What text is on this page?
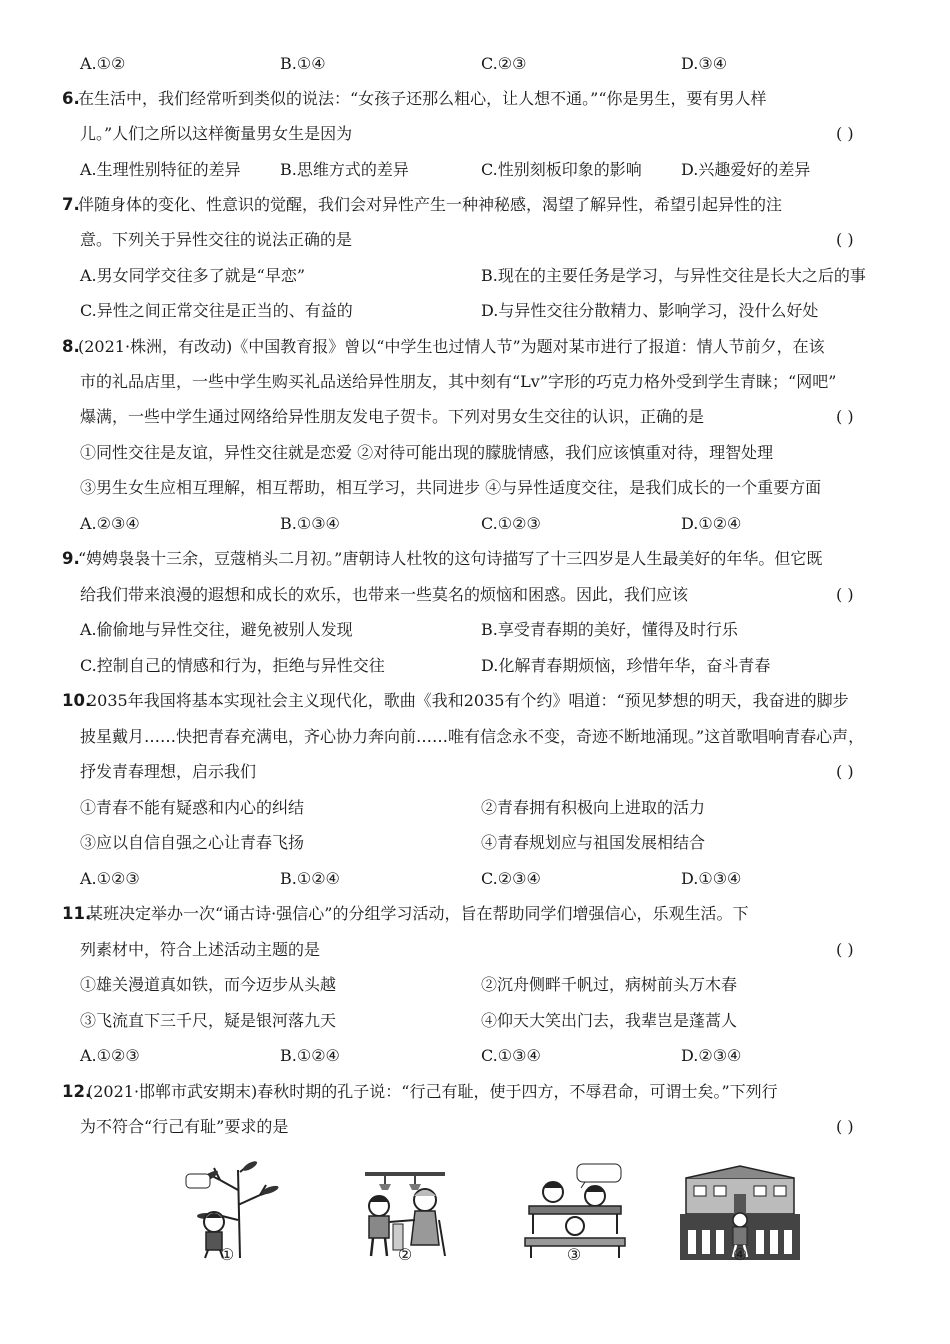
A.①②	B.①④	C.②③	D.③④
6.
在生活中，我们经常听到类似的说法：“女孩子还那么粗心，让人想不通。”“你是男生，要有男人样
儿。”人们之所以这样衡量男女生是因为	( )
A.生理性别特征的差异 B.思维方式的差异	C.性别刻板印象的影响 D.兴趣爱好的差异
7.
伴随身体的变化、性意识的觉醒，我们会对异性产生一种神秘感，渴望了解异性，希望引起异性的注
意。下列关于异性交往的说法正确的是	( )
A.男女同学交往多了就是“早恋”	B.现在的主要任务是学习，与异性交往是长大之后的事
C.异性之间正常交往是正当的、有益的	D.与异性交往分散精力、影响学习，没什么好处
8.
(2021·株洲，有改动)《中国教育报》曾以“中学生也过情人节”为题对某市进行了报道：情人节前夕，在该
市的礼品店里，一些中学生购买礼品送给异性朋友，其中刻有“Lv”字形的巧克力格外受到学生青睐；“网吧”
爆满，一些中学生通过网络给异性朋友发电子贺卡。下列对男女生交往的认识，正确的是	( )
①同性交往是友谊，异性交往就是恋爱 ②对待可能出现的朦胧情感，我们应该慎重对待，理智处理
③男生女生应相互理解，相互帮助，相互学习，共同进步 ④与异性适度交往，是我们成长的一个重要方面
A.②③④	B.①③④	C.①②③	D.①②④
9.
“娉娉袅袅十三余，豆蔻梢头二月初。”唐朝诗人杜牧的这句诗描写了十三四岁是人生最美好的年华。但它既
给我们带来浪漫的遐想和成长的欢乐，也带来一些莫名的烦恼和困惑。因此，我们应该	( )
A.偷偷地与异性交往，避免被别人发现	B.享受青春期的美好，懂得及时行乐
C.控制自己的情感和行为，拒绝与异性交往	D.化解青春期烦恼，珍惜年华，奋斗青春
10.
2035年我国将基本实现社会主义现代化，歌曲《我和2035有个约》唱道：“预见梦想的明天，我奋进的脚步
披星戴月……快把青春充满电，齐心协力奔向前……唯有信念永不变，奇迹不断地涌现。”这首歌唱响青春心声，
抒发青春理想，启示我们	( )
①青春不能有疑惑和内心的纠结	②青春拥有积极向上进取的活力
③应以自信自强之心让青春飞扬	④青春规划应与祖国发展相结合
A.①②③	B.①②④	C.②③④	D.①③④
11.
某班决定举办一次“诵古诗·强信心”的分组学习活动，旨在帮助同学们增强信心，乐观生活。下
列素材中，符合上述活动主题的是	( )
①雄关漫道真如铁，而今迈步从头越	②沉舟侧畔千帆过，病树前头万木春
③飞流直下三千尺，疑是银河落九天	④仰天大笑出门去，我辈岂是蓬蒿人
A.①②③	B.①②④	C.①③④	D.②③④
12.
(2021·邯郸市武安期末)春秋时期的孔子说：“行己有耻，使于四方，不辱君命，可谓士矣。”下列行
为不符合“行己有耻”要求的是	( )
①	②	③	④
